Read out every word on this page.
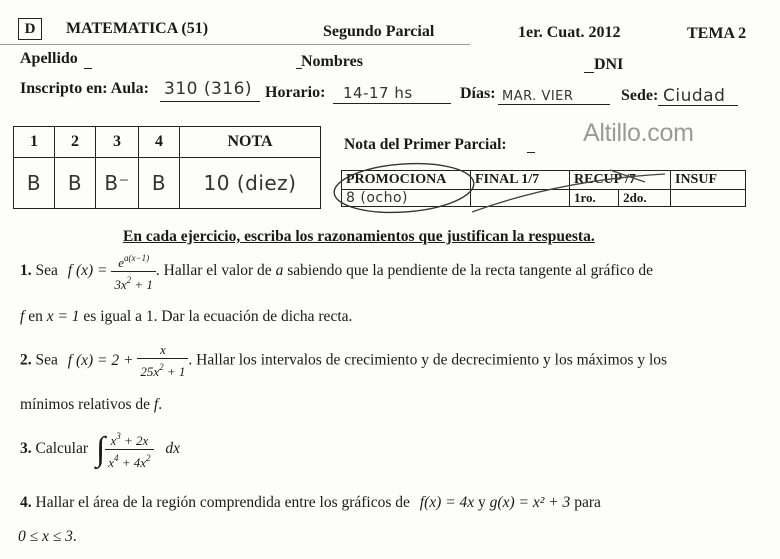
D	MATEMATICA (51)	Segundo Parcial	1er. Cuat. 2012	TEMA 2
Apellido	Nombres	DNI
Inscripto en: Aula: 310 (316) Horario: 14-17 hs	Días: MAR. VIER	Sede: Ciudad
1	2	3	4	NOTA
B	B	B⁻	B	10 (diez)
Nota del Primer Parcial:	Altillo.com
PROMOCIONA	FINAL 1/7	RECUP /7		INSUF
8 (ocho)		1ro.	2do.	
En cada ejercicio, escriba los razonamientos que justifican la respuesta.
1. Sea f $(x) = \frac{e^{a(x-1)}}{3x^2 + 1}$ . Hallar el valor de a sabiendo que la pendiente de la recta tangente al gráfico de
f en x = 1 es igual a 1. Dar la ecuación de dicha recta.
2. Sea f $(x) = 2 + \frac{x}{25x^2 + 1}$ . Hallar los intervalos de crecimiento y de decrecimiento y los máximos y los
mínimos relativos de f.
3. Calcular ∫ $\frac{x^3 + 2x}{x^4 + 4x^2}$ dx
4. Hallar el área de la región comprendida entre los gráficos de f(x) = 4x y g(x) = x² + 3 para
0 ≤ x ≤ 3.
